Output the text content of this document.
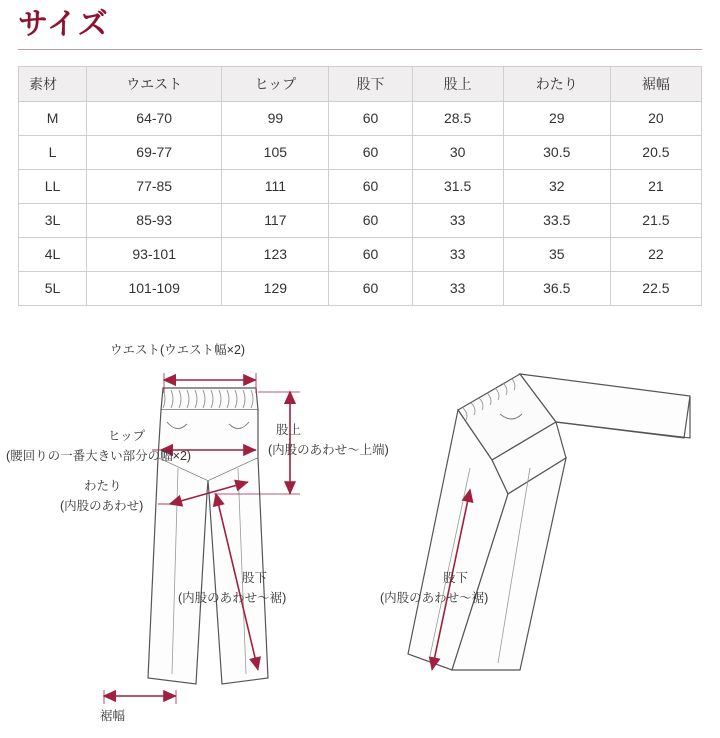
サイズ
素材	ウエスト	ヒップ	股下	股上	わたり	裾幅
M	64-70	99	60	28.5	29	20
L	69-77	105	60	30	30.5	20.5
LL	77-85	111	60	31.5	32	21
3L	85-93	117	60	33	33.5	21.5
4L	93-101	123	60	33	35	22
5L	101-109	129	60	33	36.5	22.5
ウエスト(ウエスト幅×2)
ヒップ
(腰回りの一番大きい部分の幅×2)
わたり
(内股のあわせ)
股上
(内股のあわせ〜上端)
股下
(内股のあわせ〜裾)
股下
(内股のあわせ〜裾)
裾幅
